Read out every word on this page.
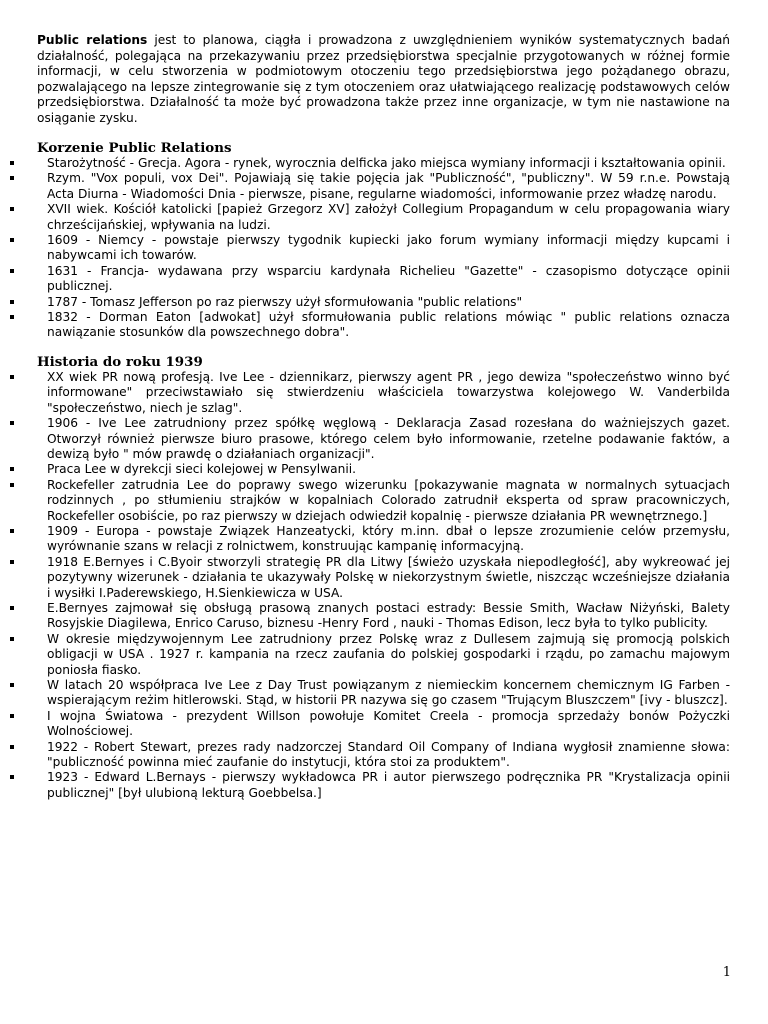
Public relations jest to planowa, ciągła i prowadzona z uwzględnieniem wyników systematycznych badań działalność, polegająca na przekazywaniu przez przedsiębiorstwa specjalnie przygotowanych w różnej formie informacji, w celu stworzenia w podmiotowym otoczeniu tego przedsiębiorstwa jego pożądanego obrazu, pozwalającego na lepsze zintegrowanie się z tym otoczeniem oraz ułatwiającego realizację podstawowych celów przedsiębiorstwa. Działalność ta może być prowadzona także przez inne organizacje, w tym nie nastawione na osiąganie zysku.

Korzenie Public Relations
Starożytność - Grecja. Agora - rynek, wyrocznia delficka jako miejsca wymiany informacji i kształtowania opinii.
Rzym. "Vox populi, vox Dei". Pojawiają się takie pojęcia jak "Publiczność", "publiczny". W 59 r.n.e. Powstają Acta Diurna - Wiadomości Dnia - pierwsze, pisane, regularne wiadomości, informowanie przez władzę narodu.
XVII wiek. Kościół katolicki [papież Grzegorz XV] założył Collegium Propagandum w celu propagowania wiary chrześcijańskiej, wpływania na ludzi.
1609 - Niemcy - powstaje pierwszy tygodnik kupiecki jako forum wymiany informacji między kupcami i nabywcami ich towarów.
1631 - Francja- wydawana przy wsparciu kardynała Richelieu "Gazette" - czasopismo dotyczące opinii publicznej.
1787 - Tomasz Jefferson po raz pierwszy użył sformułowania "public relations"
1832 - Dorman Eaton [adwokat] użył sformułowania public relations mówiąc " public relations oznacza nawiązanie stosunków dla powszechnego dobra".
Historia do roku 1939
XX wiek PR nową profesją. Ive Lee - dziennikarz, pierwszy agent PR , jego dewiza "społeczeństwo winno być informowane" przeciwstawiało się stwierdzeniu właściciela towarzystwa kolejowego W. Vanderbilda "społeczeństwo, niech je szlag".
1906 - Ive Lee zatrudniony przez spółkę węglową - Deklaracja Zasad rozesłana do ważniejszych gazet. Otworzył również pierwsze biuro prasowe, którego celem było informowanie, rzetelne podawanie faktów, a dewizą było " mów prawdę o działaniach organizacji".
Praca Lee w dyrekcji sieci kolejowej w Pensylwanii.
Rockefeller zatrudnia Lee do poprawy swego wizerunku [pokazywanie magnata w normalnych sytuacjach rodzinnych , po stłumieniu strajków w kopalniach Colorado zatrudnił eksperta od spraw pracowniczych, Rockefeller osobiście, po raz pierwszy w dziejach odwiedził kopalnię - pierwsze działania PR wewnętrznego.]
1909 - Europa - powstaje Związek Hanzeatycki, który m.inn. dbał o lepsze zrozumienie celów przemysłu, wyrównanie szans w relacji z rolnictwem, konstruując kampanię informacyjną.
1918 E.Bernyes i C.Byoir stworzyli strategię PR dla Litwy [świeżo uzyskała niepodległość], aby wykreować jej pozytywny wizerunek - działania te ukazywały Polskę w niekorzystnym świetle, niszcząc wcześniejsze działania i wysiłki I.Paderewskiego, H.Sienkiewicza w USA.
E.Bernyes zajmował się obsługą prasową znanych postaci estrady: Bessie Smith, Wacław Niżyński, Balety Rosyjskie Diagilewa, Enrico Caruso, biznesu -Henry Ford , nauki - Thomas Edison, lecz była to tylko publicity.
W okresie międzywojennym Lee zatrudniony przez Polskę wraz z Dullesem zajmują się promocją polskich obligacji w USA . 1927 r. kampania na rzecz zaufania do polskiej gospodarki i rządu, po zamachu majowym poniosła fiasko.
W latach 20 współpraca Ive Lee z Day Trust powiązanym z niemieckim koncernem chemicznym IG Farben - wspierającym reżim hitlerowski. Stąd, w historii PR nazywa się go czasem "Trującym Bluszczem" [ivy - bluszcz].
I wojna Światowa - prezydent Willson powołuje Komitet Creela - promocja sprzedaży bonów Pożyczki Wolnościowej.
1922 - Robert Stewart, prezes rady nadzorczej Standard Oil Company of Indiana wygłosił znamienne słowa: "publiczność powinna mieć zaufanie do instytucji, która stoi za produktem".
1923 - Edward L.Bernays - pierwszy wykładowca PR i autor pierwszego podręcznika PR "Krystalizacja opinii publicznej" [był ulubioną lekturą Goebbelsa.]
1
